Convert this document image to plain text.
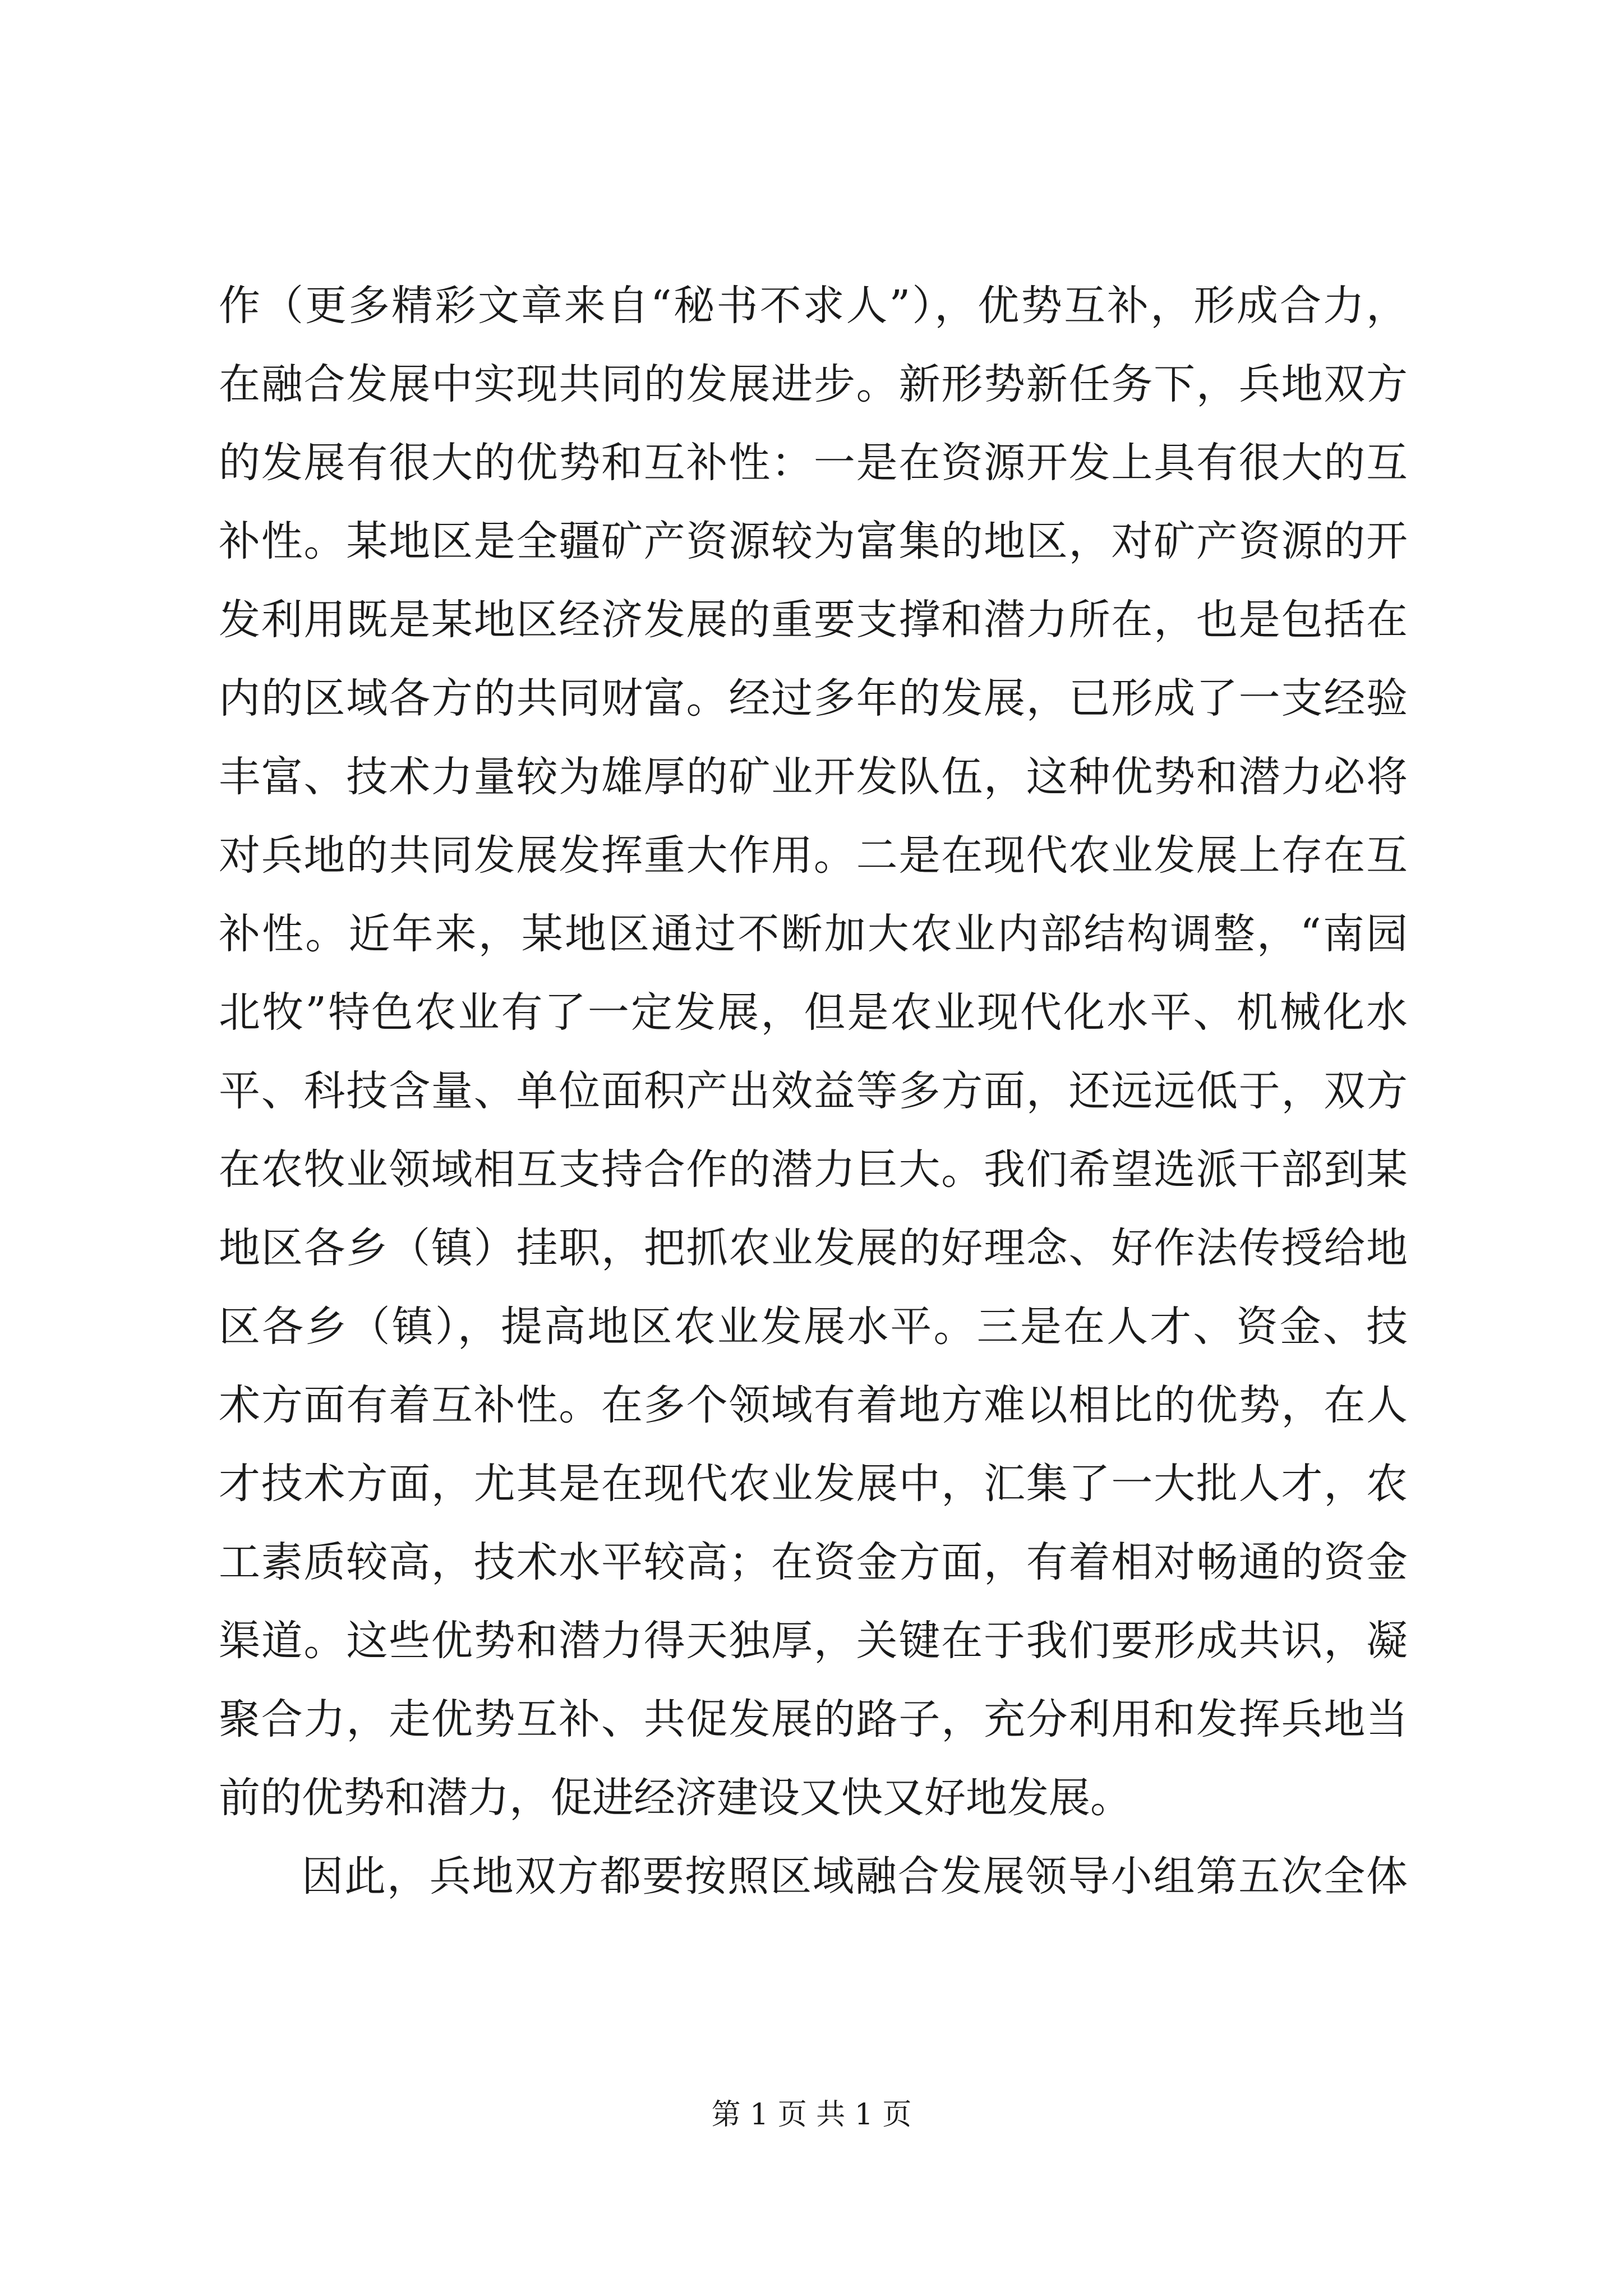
作（更多精彩文章来自“秘书不求人”），优势互补，形成合力，
在融合发展中实现共同的发展进步。新形势新任务下，兵地双方
的发展有很大的优势和互补性：一是在资源开发上具有很大的互
补性。某地区是全疆矿产资源较为富集的地区，对矿产资源的开
发利用既是某地区经济发展的重要支撑和潜力所在，也是包括在
内的区域各方的共同财富。经过多年的发展，已形成了一支经验
丰富、技术力量较为雄厚的矿业开发队伍，这种优势和潜力必将
对兵地的共同发展发挥重大作用。二是在现代农业发展上存在互
补性。近年来，某地区通过不断加大农业内部结构调整，“南园
北牧”特色农业有了一定发展，但是农业现代化水平、机械化水
平、科技含量、单位面积产出效益等多方面，还远远低于，双方
在农牧业领域相互支持合作的潜力巨大。我们希望选派干部到某
地区各乡（镇）挂职，把抓农业发展的好理念、好作法传授给地
区各乡（镇），提高地区农业发展水平。三是在人才、资金、技
术方面有着互补性。在多个领域有着地方难以相比的优势，在人
才技术方面，尤其是在现代农业发展中，汇集了一大批人才，农
工素质较高，技术水平较高；在资金方面，有着相对畅通的资金
渠道。这些优势和潜力得天独厚，关键在于我们要形成共识，凝
聚合力，走优势互补、共促发展的路子，充分利用和发挥兵地当
前的优势和潜力，促进经济建设又快又好地发展。
因此，兵地双方都要按照区域融合发展领导小组第五次全体
第 1 页 共 1 页
